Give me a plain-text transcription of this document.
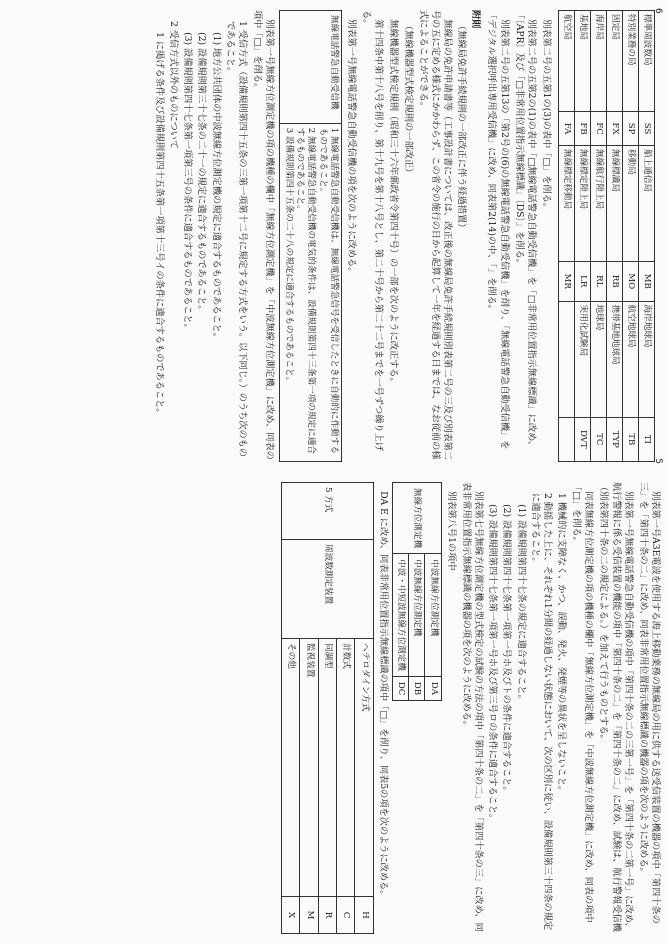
6
5
標準周波数局	SS	船上通信局	MB	海岸地球局	TI
特別業務の局	SP	移動局	MO	航空地球局	TB
固定局	FX	無線標識局	RB	携帯基地地球局	TYP
海岸局	FC	無線航行陸上局	RL	地球局	TC
基地局	FB	無線標定陸上局	LR	実用化試験局	DVT
航空局	FA	無線標定移動局	MR		

別表第二号の五第1の(3)の表中「□」を削る。

別表第二号の五第2の(1)の表中「□無線電話警急自動受信機」を「□非常用位置指示無線標識」に改め、「〔APR〕及び「□非常用位置指示無線標識」〔DS〕」を削る。

別表第二号の五第13の「第2号の(6)の無線電話警急自動受信機」を削り、「無線電話警急自動受信機」を「デジタル選択呼出専用受信機」に改め、同表第2(14)の中、「」を削る。

附則

（無線局免許手続規則の一部改正に伴う経過措置）

無線局の免許申請書等（工事設計書については、改正後の無線局免許手続規則別表第二号の三及び別表第二号の五に定める様式にかかわらず、この省令の施行の日から起算して一年を経過する日までは、なお従前の様式によることができる。

（無線機器型式検定規則の一部改正）

無線機器型式検定規則（昭和三十六年郵政省令第四十号）の一部を次のように改正する。

第十四条中第十八号を削り、第十九号を第十八号とし、第二十号から第二十二号までを一号ずつ繰り上げる。

別表第一号無線電話警急自動受信機の項を次のように改める。

無線電話警急自動受信機	
1 無線電話警急自動受信機は、無線電話警急信号を受信したときに自動的に作動するものであること。
2 無線電話警急自動受信機の電気的条件は、設備規則第四十三条第一項の規定に適合するものであること。
3 設備規則第四十五条の二十八の規定に適合するものであること。

別表第一号無線方位測定機の項の機種の欄中「無線方位測定機」を「中波無線方位測定機」に改め、同表の項中「□」を削る。

1 受信方式（設備規則第四十五条の三第一項第十二号に規定する方式をいう。以下同じ。）のうち次のものであること。

(1) 地方公共団体の中波無線方位測定機の規定に適合するものであること。

(2) 設備規則第三十七条の二十一の規定に適合するものであること。

(3) 設備規則第四十七条第一項第三号の条件に適合するものであること。

2 受信方式以外のものについて

1 に掲げる条件及び設備規則第四十五条第一項第十三号イの条件に適合するものであること。

別表第一号A3E電波を使用する海上移動業務の無線局の用に供する送受信装置の機器の項中「第四十条の三」を「第四十条の二」に改め、同表非常用位置指示無線標識の機器の項を次のように改める。

別表第一号無線電話警急自動受信機の項中「第四十条の二の三第一号」を「第四十条の二第一号」に改め、航行警報に係る受信装置の機能の項中「第四十条の二」を「第四十条の二」に改め、試験は、航行警報受信機（別表第四十条の二の規定による。）を加えて行うものとする。

同表無線方位測定機の項の機種の欄中「無線方位測定機」を「中波無線方位測定機」に改め、同表の項中「□」を削る。

1 機械的に支障なく、かつ、誤動、発火、発煙等の異状を呈しないこと。

2 動揺した上に、それぞれ1分間の経過しない状態において、次の区別に従い、設備規則第三十四条の規定に適合すること。

(1) 設備規則第四十七条の規定に適合すること。

(2) 設備規則第四十七条第一項第一号ホ及びトの条件に適合すること。

(3) 設備規則第四十七条第一項第一号ホ及び第三号ロの条件に適合すること。

別表第七号無線方位測定機の型式検定の試験の方法の項中「第四十条の二」を「第四十条の三」に改め、同表非常用位置指示無線標識の機器の項を次のように改める。

別表第八号1の項中

無線方位測定機	中波無線方位測定機	DA
	中波無線方位測定機	DB
	中波・中短波無線方位測定機	DC

DA E に改め、同表非常用位置指示無線標識の項中「□」を削り、同表5の項を次のように改める。

5 方式	周波数測定装置	ヘテロダイン方式	H
		計数式	C
		同調型	R
		監視装置	M
		その他	X
